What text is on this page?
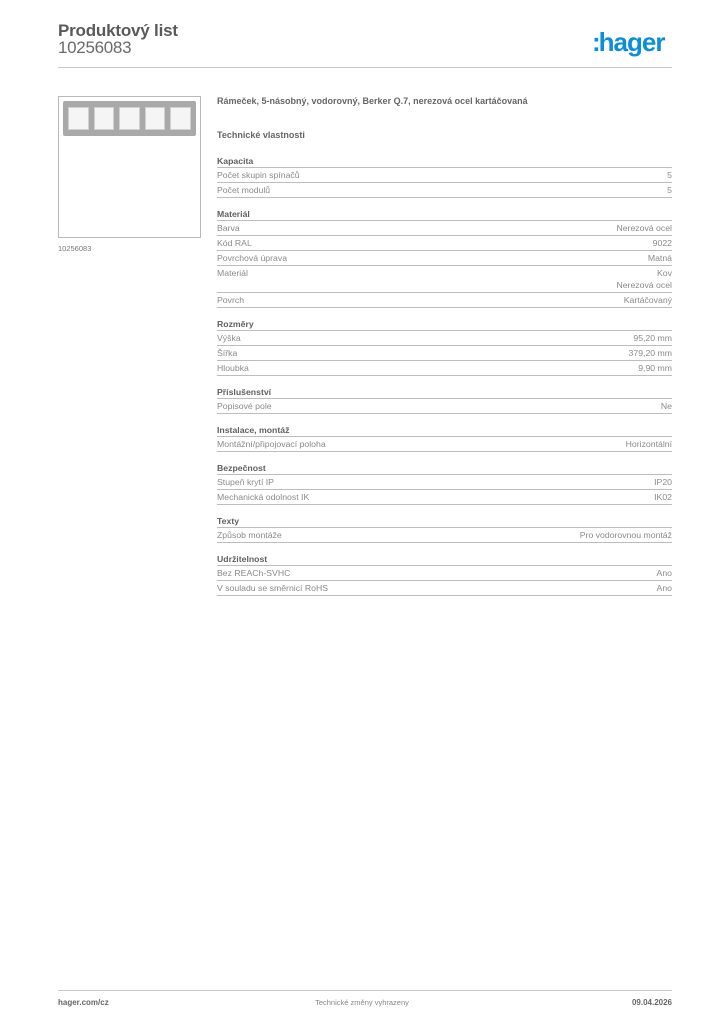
Produktový list
10256083	:hager
10256083
Rámeček, 5-násobný, vodorovný, Berker Q.7, nerezová ocel kartáčovaná
Technické vlastnosti
Kapacita
Počet skupin spínačů	5
Počet modulů	5
Materiál
Barva	Nerezová ocel
Kód RAL	9022
Povrchová úprava	Matná
Materiál	Kov
Nerezová ocel
Povrch	Kartáčovaný
Rozměry
Výška	95,20 mm
Šířka	379,20 mm
Hloubka	9,90 mm
Příslušenství
Popisové pole	Ne
Instalace, montáž
Montážní/připojovací poloha	Horizontální
Bezpečnost
Stupeň krytí IP	IP20
Mechanická odolnost IK	IK02
Texty
Způsob montáže	Pro vodorovnou montáž
Udržitelnost
Bez REACh-SVHC	Ano
V souladu se směrnicí RoHS	Ano
hager.com/cz	Technické změny vyhrazeny	09.04.2026
